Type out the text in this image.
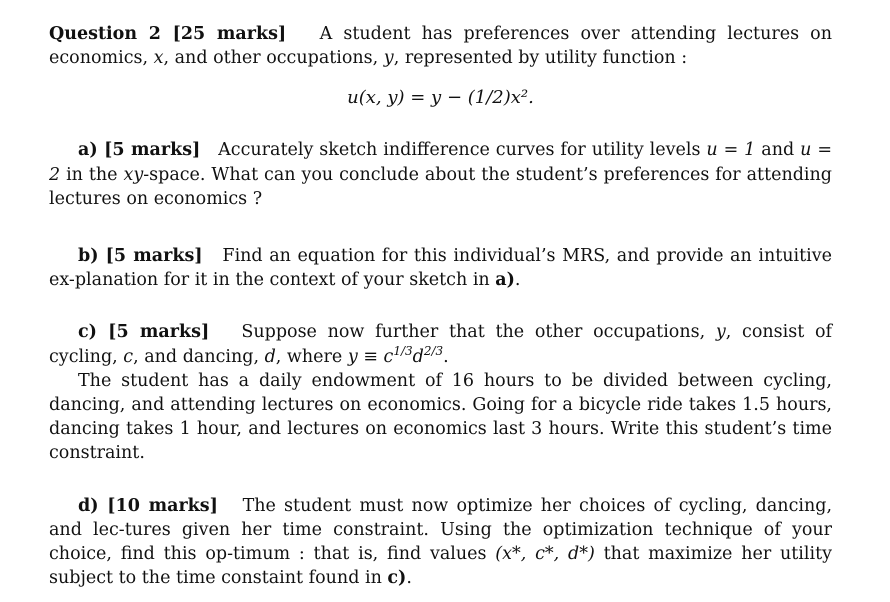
Question 2 [25 marks] A student has preferences over attending lectures on economics, x, and other occupations, y, represented by utility function :

u(x, y) = y − (1/2)x².

a) [5 marks] Accurately sketch indifference curves for utility levels u = 1 and u = 2 in the xy-space. What can you conclude about the student’s preferences for attending lectures on economics ?

b) [5 marks] Find an equation for this individual’s MRS, and provide an intuitive ex-planation for it in the context of your sketch in a).

c) [5 marks] Suppose now further that the other occupations, y, consist of cycling, c, and dancing, d, where $y \equiv c^{1/3}d^{2/3}$.

The student has a daily endowment of 16 hours to be divided between cycling, dancing, and attending lectures on economics. Going for a bicycle ride takes 1.5 hours, dancing takes 1 hour, and lectures on economics last 3 hours. Write this student’s time constraint.

d) [10 marks] The student must now optimize her choices of cycling, dancing, and lec-tures given her time constraint. Using the optimization technique of your choice, find this op-timum : that is, find values (x*, c*, d*) that maximize her utility subject to the time constaint found in c).
